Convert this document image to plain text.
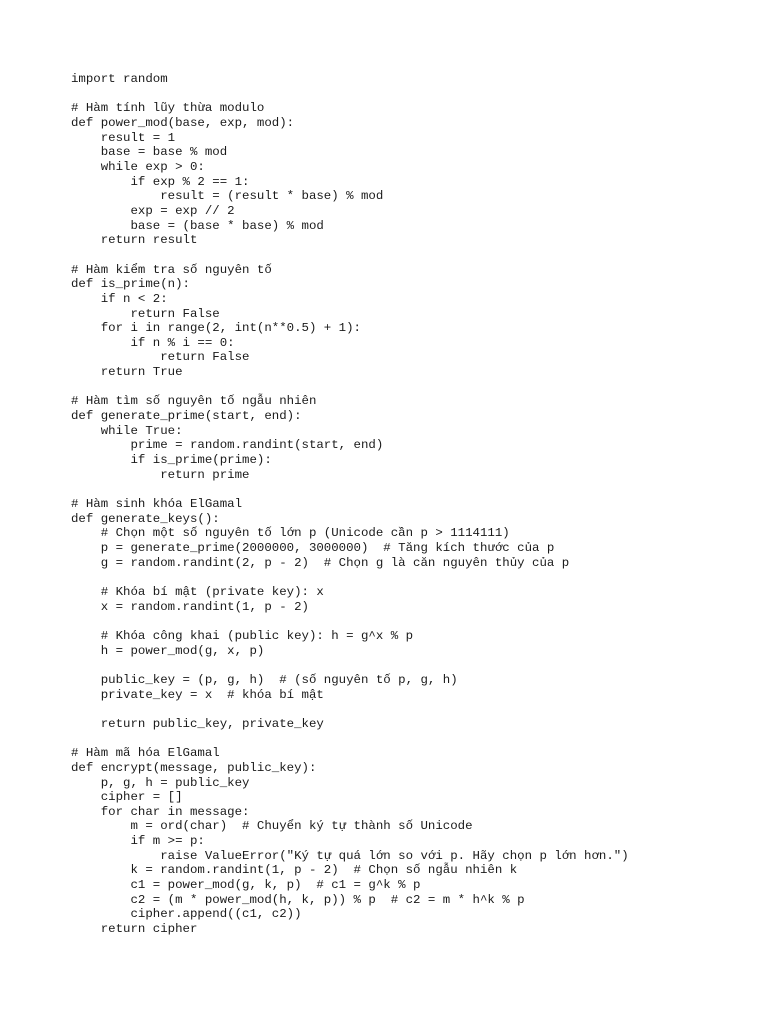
import random
# Hàm tính lũy thừa modulo
def power_mod(base, exp, mod):
result = 1
base = base % mod
while exp > 0:
if exp % 2 == 1:
result = (result * base) % mod
exp = exp // 2
base = (base * base) % mod
return result
# Hàm kiểm tra số nguyên tố
def is_prime(n):
if n < 2:
return False
for i in range(2, int(n**0.5) + 1):
if n % i == 0:
return False
return True
# Hàm tìm số nguyên tố ngẫu nhiên
def generate_prime(start, end):
while True:
prime = random.randint(start, end)
if is_prime(prime):
return prime
# Hàm sinh khóa ElGamal
def generate_keys():
# Chọn một số nguyên tố lớn p (Unicode cần p > 1114111)
p = generate_prime(2000000, 3000000)  # Tăng kích thước của p
g = random.randint(2, p - 2)  # Chọn g là căn nguyên thủy của p
# Khóa bí mật (private key): x
x = random.randint(1, p - 2)
# Khóa công khai (public key): h = g^x % p
h = power_mod(g, x, p)
public_key = (p, g, h)  # (số nguyên tố p, g, h)
private_key = x  # khóa bí mật
return public_key, private_key
# Hàm mã hóa ElGamal
def encrypt(message, public_key):
p, g, h = public_key
cipher = []
for char in message:
m = ord(char)  # Chuyển ký tự thành số Unicode
if m >= p:
raise ValueError("Ký tự quá lớn so với p. Hãy chọn p lớn hơn.")
k = random.randint(1, p - 2)  # Chọn số ngẫu nhiên k
c1 = power_mod(g, k, p)  # c1 = g^k % p
c2 = (m * power_mod(h, k, p)) % p  # c2 = m * h^k % p
cipher.append((c1, c2))
return cipher
